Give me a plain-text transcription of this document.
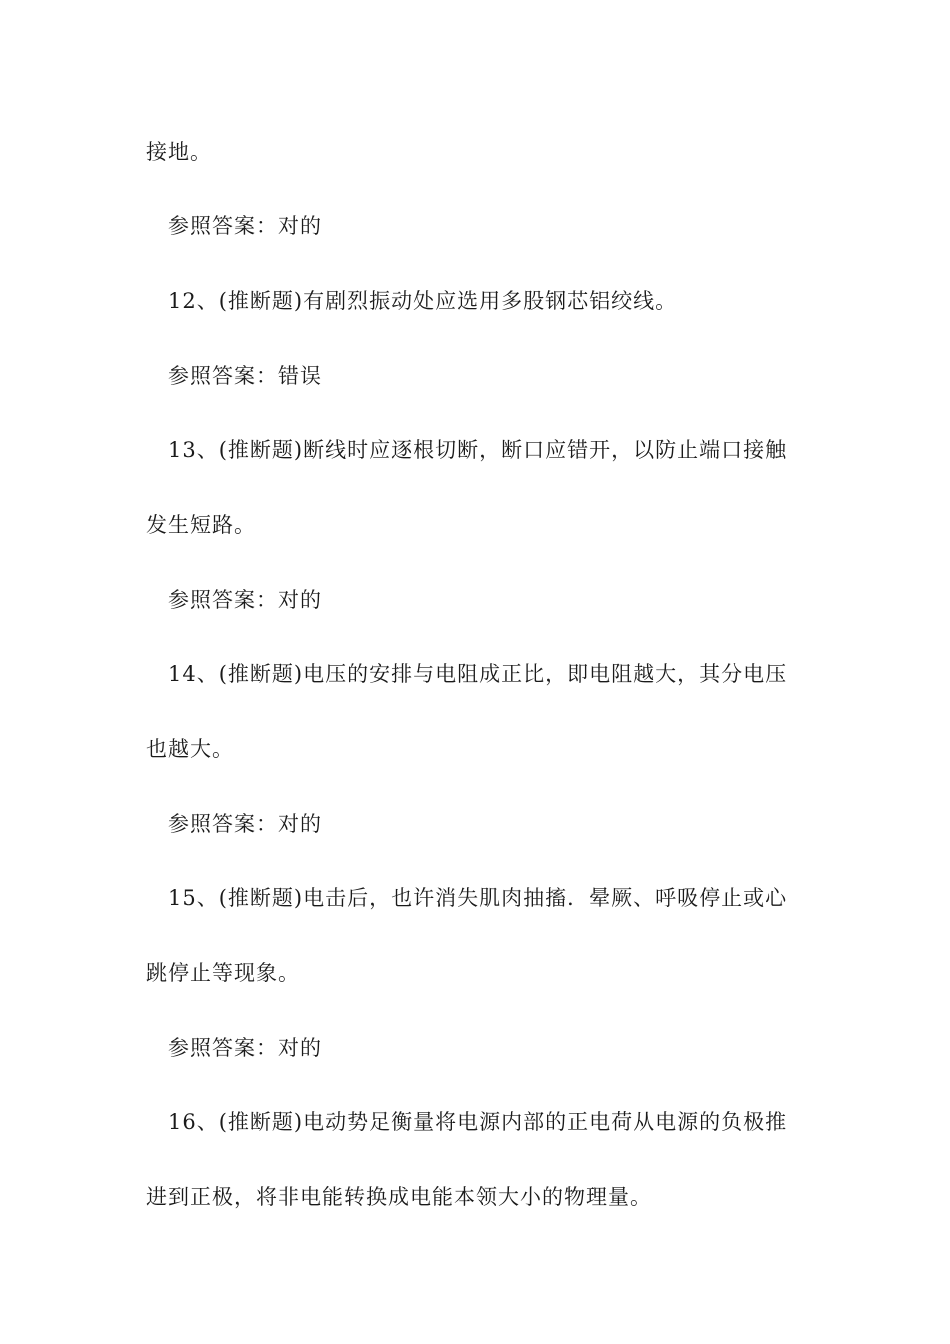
接地。
参照答案：对的
12、(推断题)有剧烈振动处应选用多股钢芯铝绞线。
参照答案：错误
13、(推断题)断线时应逐根切断，断口应错开，以防止端口接触
发生短路。
参照答案：对的
14、(推断题)电压的安排与电阻成正比，即电阻越大，其分电压
也越大。
参照答案：对的
15、(推断题)电击后，也许消失肌肉抽搐．晕厥、呼吸停止或心
跳停止等现象。
参照答案：对的
16、(推断题)电动势足衡量将电源内部的正电荷从电源的负极推
进到正极，将非电能转换成电能本领大小的物理量。
